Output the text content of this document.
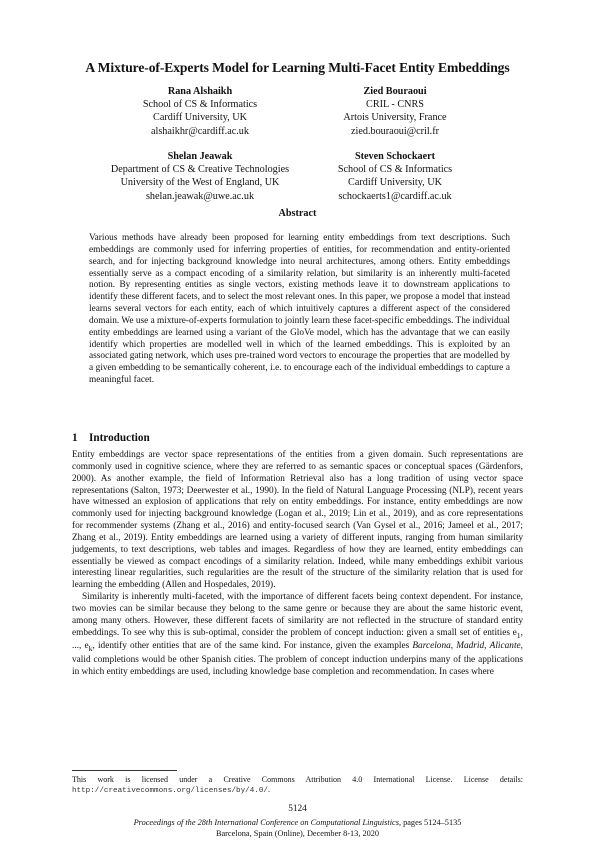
A Mixture-of-Experts Model for Learning Multi-Facet Entity Embeddings
Rana Alshaikh
School of CS & Informatics
Cardiff University, UK
alshaikhr@cardiff.ac.uk
Zied Bouraoui
CRIL - CNRS
Artois University, France
zied.bouraoui@cril.fr
Shelan Jeawak
Department of CS & Creative Technologies
University of the West of England, UK
shelan.jeawak@uwe.ac.uk
Steven Schockaert
School of CS & Informatics
Cardiff University, UK
schockaerts1@cardiff.ac.uk
Abstract

Various methods have already been proposed for learning entity embeddings from text descriptions. Such embeddings are commonly used for inferring properties of entities, for recommendation and entity-oriented search, and for injecting background knowledge into neural architectures, among others. Entity embeddings essentially serve as a compact encoding of a similarity relation, but similarity is an inherently multi-faceted notion. By representing entities as single vectors, existing methods leave it to downstream applications to identify these different facets, and to select the most relevant ones. In this paper, we propose a model that instead learns several vectors for each entity, each of which intuitively captures a different aspect of the considered domain. We use a mixture-of-experts formulation to jointly learn these facet-specific embeddings. The individual entity embeddings are learned using a variant of the GloVe model, which has the advantage that we can easily identify which properties are modelled well in which of the learned embeddings. This is exploited by an associated gating network, which uses pre-trained word vectors to encourage the properties that are modelled by a given embedding to be semantically coherent, i.e. to encourage each of the individual embeddings to capture a meaningful facet.

1 Introduction

Entity embeddings are vector space representations of the entities from a given domain. Such representations are commonly used in cognitive science, where they are referred to as semantic spaces or conceptual spaces (Gärdenfors, 2000). As another example, the field of Information Retrieval also has a long tradition of using vector space representations (Salton, 1973; Deerwester et al., 1990). In the field of Natural Language Processing (NLP), recent years have witnessed an explosion of applications that rely on entity embeddings. For instance, entity embeddings are now commonly used for injecting background knowledge (Logan et al., 2019; Lin et al., 2019), and as core representations for recommender systems (Zhang et al., 2016) and entity-focused search (Van Gysel et al., 2016; Jameel et al., 2017; Zhang et al., 2019). Entity embeddings are learned using a variety of different inputs, ranging from human similarity judgements, to text descriptions, web tables and images. Regardless of how they are learned, entity embeddings can essentially be viewed as compact encodings of a similarity relation. Indeed, while many embeddings exhibit various interesting linear regularities, such regularities are the result of the structure of the similarity relation that is used for learning the embedding (Allen and Hospedales, 2019).

Similarity is inherently multi-faceted, with the importance of different facets being context dependent. For instance, two movies can be similar because they belong to the same genre or because they are about the same historic event, among many others. However, these different facets of similarity are not reflected in the structure of standard entity embeddings. To see why this is sub-optimal, consider the problem of concept induction: given a small set of entities $e_1$, ..., $e_k$, identify other entities that are of the same kind. For instance, given the examples Barcelona, Madrid, Alicante, valid completions would be other Spanish cities. The problem of concept induction underpins many of the applications in which entity embeddings are used, including knowledge base completion and recommendation. In cases where

This work is licensed under a Creative Commons Attribution 4.0 International License. License details: http://creativecommons.org/licenses/by/4.0/.

5124
Proceedings of the 28th International Conference on Computational Linguistics, pages 5124–5135
Barcelona, Spain (Online), December 8-13, 2020
